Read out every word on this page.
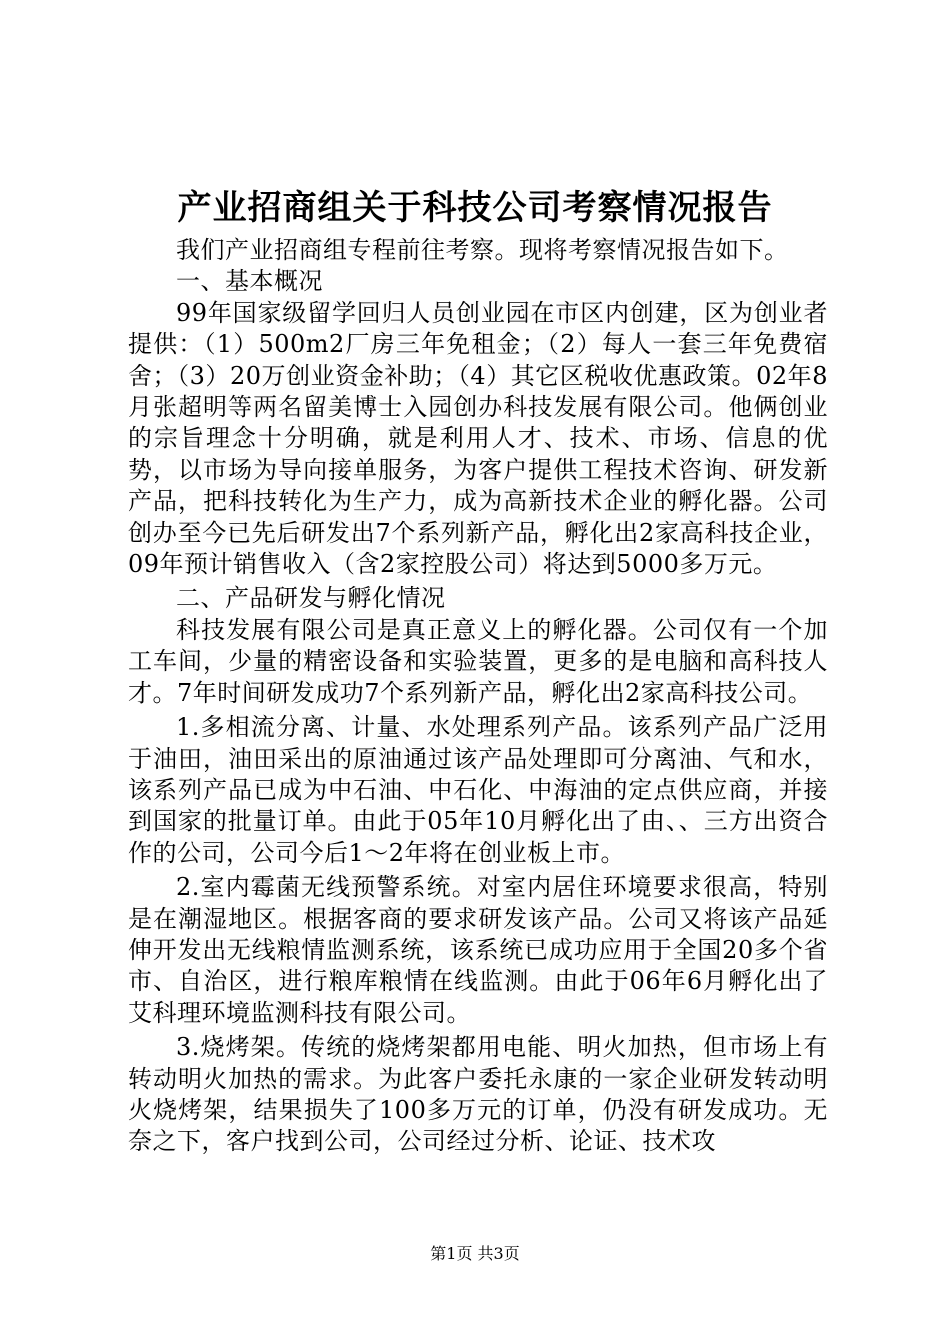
产业招商组关于科技公司考察情况报告

我们产业招商组专程前往考察。现将考察情况报告如下。

一、基本概况

99年国家级留学回归人员创业园在市区内创建，区为创业者提供：（1）500m2厂房三年免租金；（2）每人一套三年免费宿舍；（3）20万创业资金补助；（4）其它区税收优惠政策。02年8月张超明等两名留美博士入园创办科技发展有限公司。他俩创业的宗旨理念十分明确，就是利用人才、技术、市场、信息的优势，以市场为导向接单服务，为客户提供工程技术咨询、研发新产品，把科技转化为生产力，成为高新技术企业的孵化器。公司创办至今已先后研发出7个系列新产品，孵化出2家高科技企业，09年预计销售收入（含2家控股公司）将达到5000多万元。

二、产品研发与孵化情况

科技发展有限公司是真正意义上的孵化器。公司仅有一个加工车间，少量的精密设备和实验装置，更多的是电脑和高科技人才。7年时间研发成功7个系列新产品，孵化出2家高科技公司。

1.多相流分离、计量、水处理系列产品。该系列产品广泛用于油田，油田采出的原油通过该产品处理即可分离油、气和水，该系列产品已成为中石油、中石化、中海油的定点供应商，并接到国家的批量订单。由此于05年10月孵化出了由、、三方出资合作的公司，公司今后1～2年将在创业板上市。

2.室内霉菌无线预警系统。对室内居住环境要求很高，特别是在潮湿地区。根据客商的要求研发该产品。公司又将该产品延伸开发出无线粮情监测系统，该系统已成功应用于全国20多个省市、自治区，进行粮库粮情在线监测。由此于06年6月孵化出了艾科理环境监测科技有限公司。

3.烧烤架。传统的烧烤架都用电能、明火加热，但市场上有转动明火加热的需求。为此客户委托永康的一家企业研发转动明火烧烤架，结果损失了100多万元的订单，仍没有研发成功。无奈之下，客户找到公司，公司经过分析、论证、技术攻

第1页 共3页
